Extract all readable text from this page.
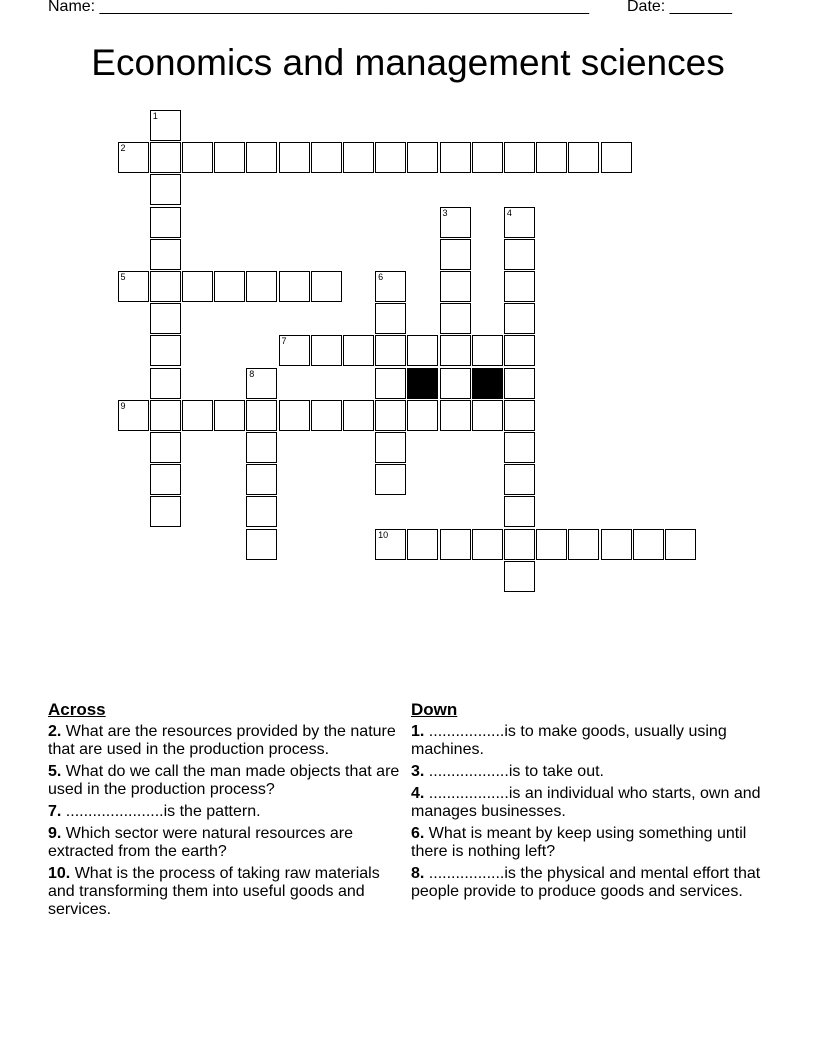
Name: _______________________________________________________ Date: _______
Economics and management sciences
1
2
3	4
5	6
7
8
9
10
Across
2. What are the resources provided by the nature that are used in the production process.
5. What do we call the man made objects that are used in the production process?
7. ......................is the pattern.
9. Which sector were natural resources are extracted from the earth?
10. What is the process of taking raw materials and transforming them into useful goods and services.
Down
1. .................is to make goods, usually using machines.
3. ..................is to take out.
4. ..................is an individual who starts, own and manages businesses.
6. What is meant by keep using something until there is nothing left?
8. .................is the physical and mental effort that people provide to produce goods and services.
